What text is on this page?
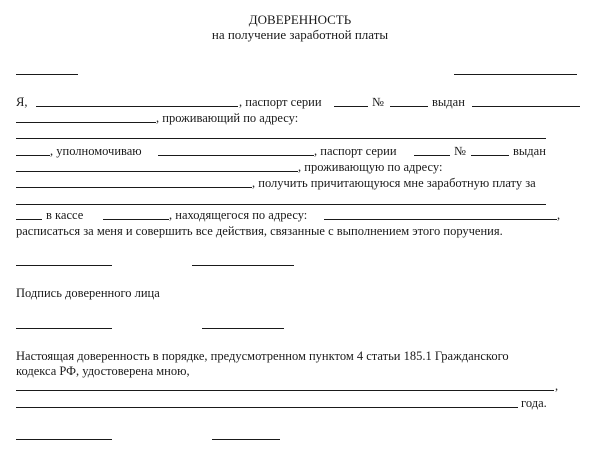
ДОВЕРЕННОСТЬ
на получение заработной платы
Я,	, паспорт серии	№	выдан
, проживающий по адресу:
, уполномочиваю	, паспорт серии	№	выдан
, проживающую по адресу:
, получить причитающуюся мне заработную плату за
в кассе	, находящегося по адресу:	,
расписаться за меня и совершить все действия, связанные с выполнением этого поручения.
Подпись доверенного лица
Настоящая доверенность в порядке, предусмотренном пунктом 4 статьи 185.1 Гражданского
кодекса РФ, удостоверена мною,
,
года.
